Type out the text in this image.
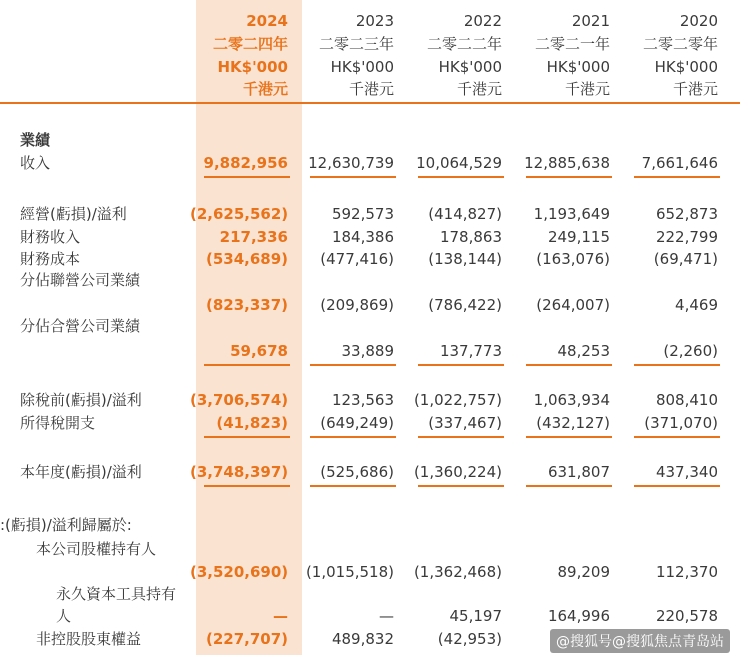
2024	2023	2022	2021	2020
二零二四年	二零二三年	二零二二年	二零二一年	二零二零年
HK$'000	HK$'000	HK$'000	HK$'000	HK$'000
千港元	千港元	千港元	千港元	千港元
業績
收入	9,882,956	12,630,739	10,064,529	12,885,638	7,661,646
經營(虧損)/溢利	(2,625,562)	592,573	(414,827)	1,193,649	652,873
財務收入	217,336	184,386	178,863	249,115	222,799
財務成本	(534,689)	(477,416)	(138,144)	(163,076)	(69,471)
分佔聯營公司業績
(823,337)	(209,869)	(786,422)	(264,007)	4,469
分佔合營公司業績
59,678	33,889	137,773	48,253	(2,260)
除稅前(虧損)/溢利	(3,706,574)	123,563	(1,022,757)	1,063,934	808,410
所得稅開支	(41,823)	(649,249)	(337,467)	(432,127)	(371,070)
本年度(虧損)/溢利	(3,748,397)	(525,686)	(1,360,224)	631,807	437,340
:(虧損)/溢利歸屬於:
本公司股權持有人
(3,520,690)	(1,015,518)	(1,362,468)	89,209	112,370
永久資本工具持有
人	—	—	45,197	164,996	220,578
非控股股東權益	(227,707)	489,832	(42,953)	@搜狐号@搜狐焦点青岛站
